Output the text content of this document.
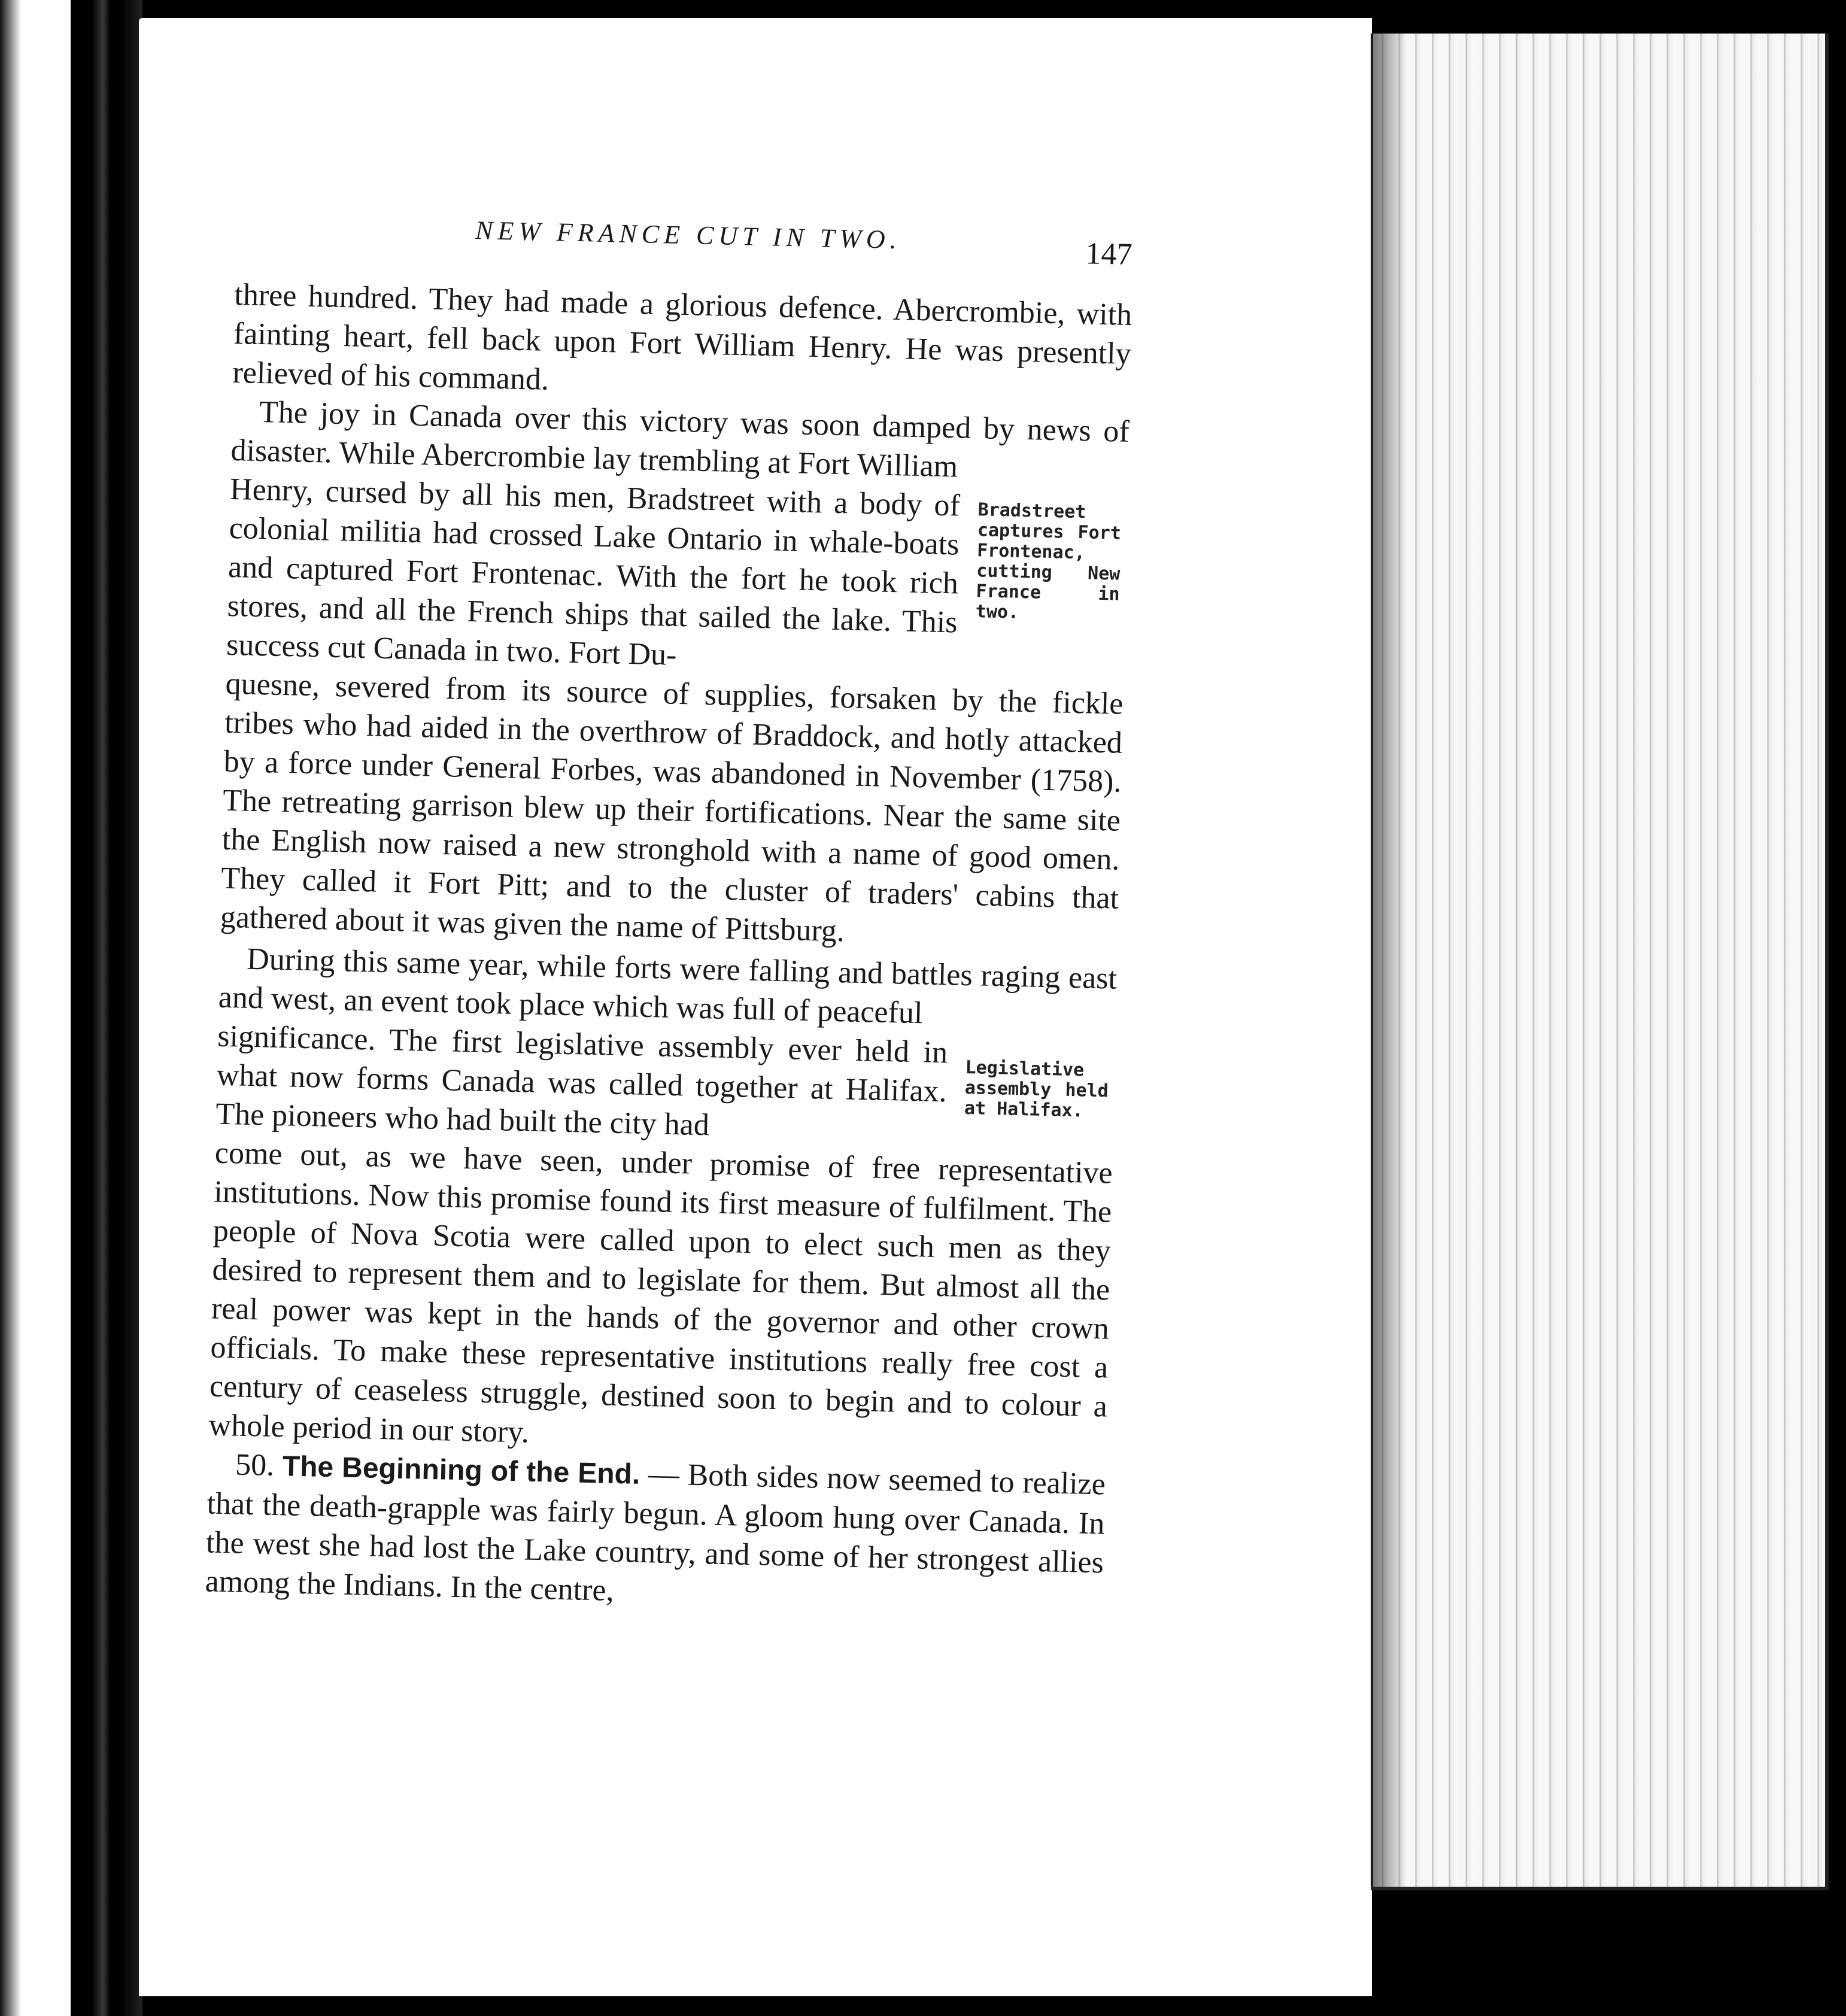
NEW FRANCE CUT IN TWO.	147

three hundred. They had made a glorious defence. Abercrombie, with fainting heart, fell back upon Fort William Henry. He was presently relieved of his command.

The joy in Canada over this victory was soon damped by news of disaster. While Abercrombie lay trembling at Fort William

Henry, cursed by all his men, Bradstreet with a body of colonial militia had crossed Lake Ontario in whale-boats and captured Fort Frontenac. With the fort he took rich stores, and all the French ships that sailed the lake. This success cut Canada in two. Fort Du-

Bradstreet captures Fort Frontenac, cutting New France in two.

quesne, severed from its source of supplies, forsaken by the fickle tribes who had aided in the overthrow of Braddock, and hotly attacked by a force under General Forbes, was abandoned in November (1758). The retreating garrison blew up their fortifications. Near the same site the English now raised a new stronghold with a name of good omen. They called it Fort Pitt; and to the cluster of traders' cabins that gathered about it was given the name of Pittsburg.

During this same year, while forts were falling and battles raging east and west, an event took place which was full of peaceful

significance. The first legislative assembly ever held in what now forms Canada was called together at Halifax. The pioneers who had built the city had

Legislative assembly held at Halifax.

come out, as we have seen, under promise of free representative institutions. Now this promise found its first measure of fulfilment. The people of Nova Scotia were called upon to elect such men as they desired to represent them and to legislate for them. But almost all the real power was kept in the hands of the governor and other crown officials. To make these representative institutions really free cost a century of ceaseless struggle, destined soon to begin and to colour a whole period in our story.

50. The Beginning of the End. — Both sides now seemed to realize that the death-grapple was fairly begun. A gloom hung over Canada. In the west she had lost the Lake country, and some of her strongest allies among the Indians. In the centre,
